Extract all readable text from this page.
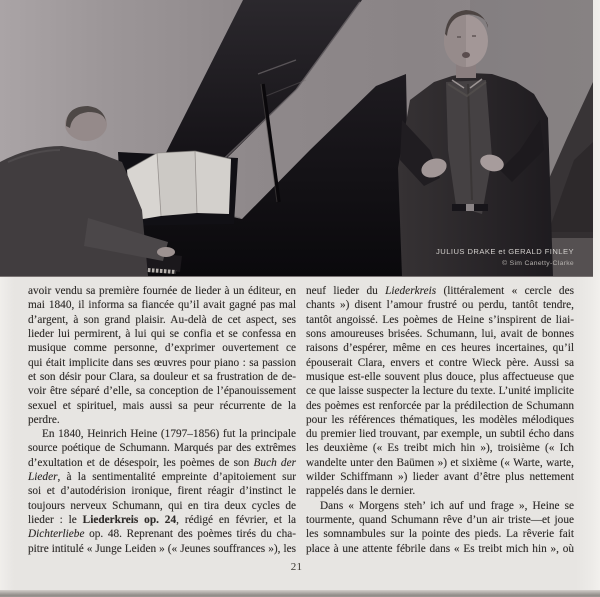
JULIUS DRAKE et GERALD FINLEY
© Sim Canetty-Clarke
avoir vendu sa première fournée de lieder à un éditeur, en
mai 1840, il informa sa fiancée qu’il avait gagné pas mal
d’argent, à son grand plaisir. Au-delà de cet aspect, ses
lieder lui permirent, à lui qui se confia et se confessa en
musique comme personne, d’exprimer ouvertement ce
qui était implicite dans ses œuvres pour piano : sa passion
et son désir pour Clara, sa douleur et sa frustration de de-
voir être séparé d’elle, sa conception de l’épanouissement
sexuel et spirituel, mais aussi sa peur récurrente de la
perdre.
En 1840, Heinrich Heine (1797–1856) fut la principale
source poétique de Schumann. Marqués par des extrêmes
d’exultation et de désespoir, les poèmes de son Buch der
Lieder, à la sentimentalité empreinte d’apitoiement sur
soi et d’autodérision ironique, firent réagir d’instinct le
toujours nerveux Schumann, qui en tira deux cycles de
lieder : le Liederkreis op. 24, rédigé en février, et la
Dichterliebe op. 48. Reprenant des poèmes tirés du cha-
pitre intitulé « Junge Leiden » (« Jeunes souffrances »), les
neuf lieder du Liederkreis (littéralement « cercle des
chants ») disent l’amour frustré ou perdu, tantôt tendre,
tantôt angoissé. Les poèmes de Heine s’inspirent de liai-
sons amoureuses brisées. Schumann, lui, avait de bonnes
raisons d’espérer, même en ces heures incertaines, qu’il
épouserait Clara, envers et contre Wieck père. Aussi sa
musique est-elle souvent plus douce, plus affectueuse que
ce que laisse suspecter la lecture du texte. L’unité implicite
des poèmes est renforcée par la prédilection de Schumann
pour les références thématiques, les modèles mélodiques
du premier lied trouvant, par exemple, un subtil écho dans
les deuxième (« Es treibt mich hin »), troisième (« Ich
wandelte unter den Baümen ») et sixième (« Warte, warte,
wilder Schiffmann ») lieder avant d’être plus nettement
rappelés dans le dernier.
Dans « Morgens steh’ ich auf und frage », Heine se
tourmente, quand Schumann rêve d’un air triste—et joue
les somnambules sur la pointe des pieds. La rêverie fait
place à une attente fébrile dans « Es treibt mich hin », où
21
